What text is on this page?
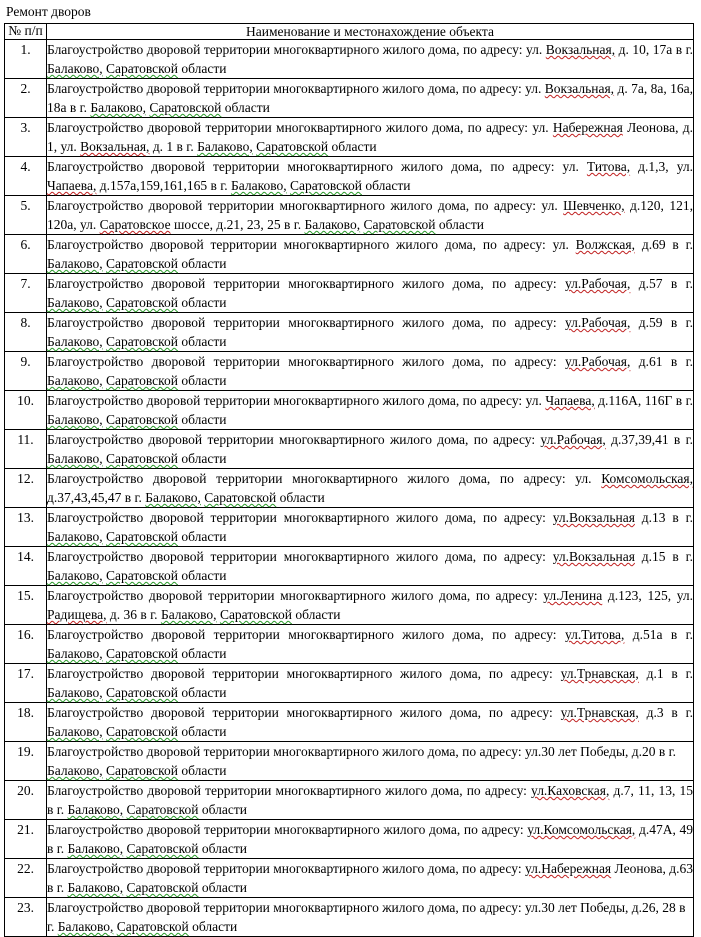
Ремонт дворов
№ п/п	Наименование и местонахождение объекта
1.	Благоустройство дворовой территории многоквартирного жилого дома, по адресу: ул. Вокзальная, д. 10, 17а в г. Балаково, Саратовской области
2.	Благоустройство дворовой территории многоквартирного жилого дома, по адресу: ул. Вокзальная, д. 7а, 8а, 16а, 18а в г. Балаково, Саратовской области
3.	Благоустройство дворовой территории многоквартирного жилого дома, по адресу: ул. Набережная Леонова, д. 1, ул. Вокзальная, д. 1 в г. Балаково, Саратовской области
4.	Благоустройство дворовой территории многоквартирного жилого дома, по адресу: ул. Титова, д.1,3, ул. Чапаева, д.157а,159,161,165 в г. Балаково, Саратовской области
5.	Благоустройство дворовой территории многоквартирного жилого дома, по адресу: ул. Шевченко, д.120, 121, 120а, ул. Саратовское шоссе, д.21, 23, 25 в г. Балаково, Саратовской области
6.	Благоустройство дворовой территории многоквартирного жилого дома, по адресу: ул. Волжская, д.69 в г. Балаково, Саратовской области
7.	Благоустройство дворовой территории многоквартирного жилого дома, по адресу: ул.Рабочая, д.57 в г. Балаково, Саратовской области
8.	Благоустройство дворовой территории многоквартирного жилого дома, по адресу: ул.Рабочая, д.59 в г. Балаково, Саратовской области
9.	Благоустройство дворовой территории многоквартирного жилого дома, по адресу: ул.Рабочая, д.61 в г. Балаково, Саратовской области
10.	Благоустройство дворовой территории многоквартирного жилого дома, по адресу: ул. Чапаева, д.116А, 116Г в г. Балаково, Саратовской области
11.	Благоустройство дворовой территории многоквартирного жилого дома, по адресу: ул.Рабочая, д.37,39,41 в г. Балаково, Саратовской области
12.	Благоустройство дворовой территории многоквартирного жилого дома, по адресу: ул. Комсомольская, д.37,43,45,47 в г. Балаково, Саратовской области
13.	Благоустройство дворовой территории многоквартирного жилого дома, по адресу: ул.Вокзальная д.13 в г. Балаково, Саратовской области
14.	Благоустройство дворовой территории многоквартирного жилого дома, по адресу: ул.Вокзальная д.15 в г. Балаково, Саратовской области
15.	Благоустройство дворовой территории многоквартирного жилого дома, по адресу: ул.Ленина д.123, 125, ул. Радищева, д. 36 в г. Балаково, Саратовской области
16.	Благоустройство дворовой территории многоквартирного жилого дома, по адресу: ул.Титова, д.51а в г. Балаково, Саратовской области
17.	Благоустройство дворовой территории многоквартирного жилого дома, по адресу: ул.Трнавская, д.1 в г. Балаково, Саратовской области
18.	Благоустройство дворовой территории многоквартирного жилого дома, по адресу: ул.Трнавская, д.3 в г. Балаково, Саратовской области
19.	Благоустройство дворовой территории многоквартирного жилого дома, по адресу: ул.30 лет Победы, д.20 в г. Балаково, Саратовской области
20.	Благоустройство дворовой территории многоквартирного жилого дома, по адресу: ул.Каховская, д.7, 11, 13, 15 в г. Балаково, Саратовской области
21.	Благоустройство дворовой территории многоквартирного жилого дома, по адресу: ул.Комсомольская, д.47А, 49 в г. Балаково, Саратовской области
22.	Благоустройство дворовой территории многоквартирного жилого дома, по адресу: ул.Набережная Леонова, д.63 в г. Балаково, Саратовской области
23.	Благоустройство дворовой территории многоквартирного жилого дома, по адресу: ул.30 лет Победы, д.26, 28 в г. Балаково, Саратовской области
